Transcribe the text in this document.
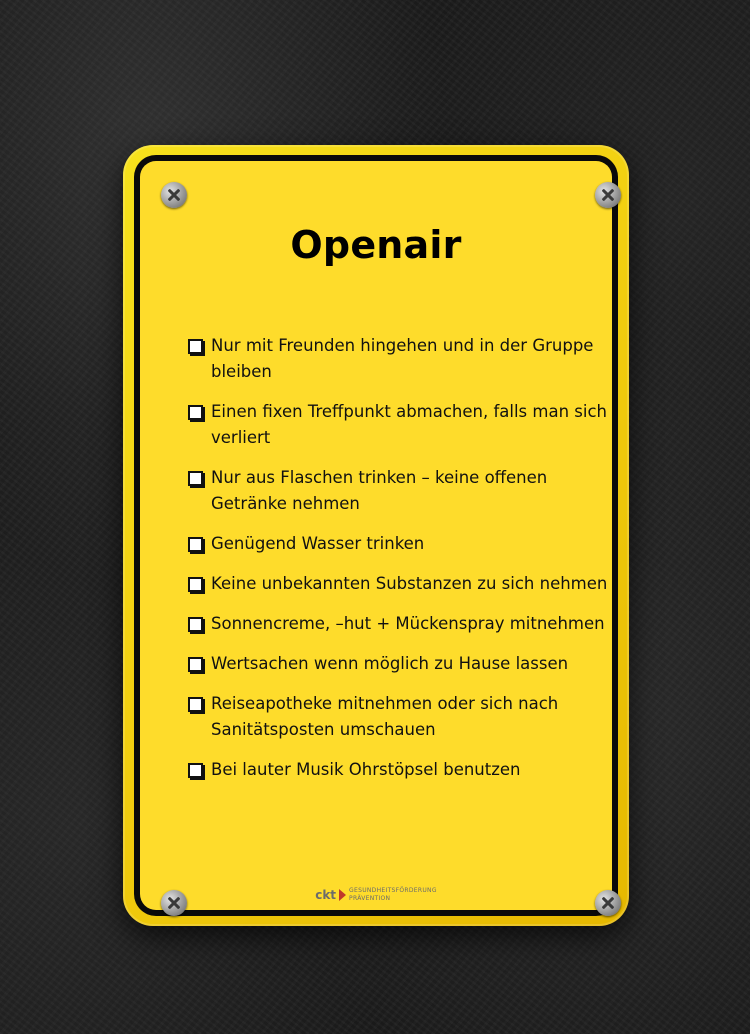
Openair
Nur mit Freunden hingehen und in der Gruppe bleiben
Einen fixen Treffpunkt abmachen, falls man sich verliert
Nur aus Flaschen trinken – keine offenen Getränke nehmen
Genügend Wasser trinken
Keine unbekannten Substanzen zu sich nehmen
Sonnencreme, –hut + Mückenspray mitnehmen
Wertsachen wenn möglich zu Hause lassen
Reiseapotheke mitnehmen oder sich nach Sanitätsposten umschauen
Bei lauter Musik Ohrstöpsel benutzen
ckt GESUNDHEITSFÖRDERUNG
PRÄVENTION
